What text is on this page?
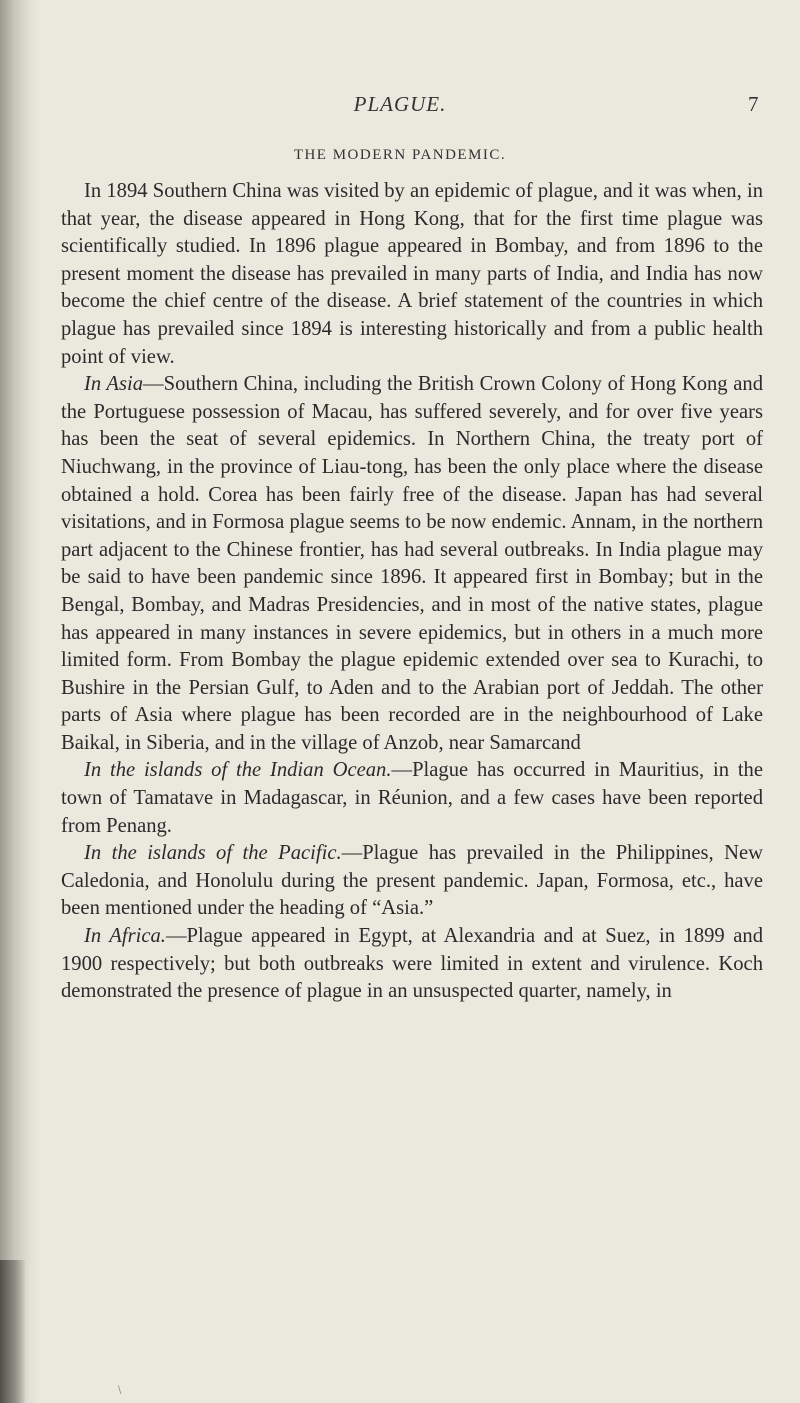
PLAGUE.	7
THE MODERN PANDEMIC.

In 1894 Southern China was visited by an epidemic of plague, and it was when, in that year, the disease appeared in Hong Kong, that for the first time plague was scientifically studied. In 1896 plague appeared in Bombay, and from 1896 to the present moment the disease has prevailed in many parts of India, and India has now become the chief centre of the disease. A brief statement of the countries in which plague has prevailed since 1894 is interesting historically and from a public health point of view.

In Asia—Southern China, including the British Crown Colony of Hong Kong and the Portuguese possession of Macau, has suffered severely, and for over five years has been the seat of several epidemics. In Northern China, the treaty port of Niuchwang, in the province of Liau-tong, has been the only place where the disease obtained a hold. Corea has been fairly free of the disease. Japan has had several visitations, and in Formosa plague seems to be now endemic. Annam, in the northern part adjacent to the Chinese frontier, has had several outbreaks. In India plague may be said to have been pandemic since 1896. It appeared first in Bombay; but in the Bengal, Bombay, and Madras Presidencies, and in most of the native states, plague has appeared in many instances in severe epidemics, but in others in a much more limited form. From Bombay the plague epidemic extended over sea to Kurachi, to Bushire in the Persian Gulf, to Aden and to the Arabian port of Jeddah. The other parts of Asia where plague has been recorded are in the neighbourhood of Lake Baikal, in Siberia, and in the village of Anzob, near Samarcand

In the islands of the Indian Ocean.—Plague has occurred in Mauritius, in the town of Tamatave in Madagascar, in Réunion, and a few cases have been reported from Penang.

In the islands of the Pacific.—Plague has prevailed in the Philippines, New Caledonia, and Honolulu during the present pandemic. Japan, Formosa, etc., have been mentioned under the heading of “Asia.”

In Africa.—Plague appeared in Egypt, at Alexandria and at Suez, in 1899 and 1900 respectively; but both outbreaks were limited in extent and virulence. Koch demonstrated the presence of plague in an unsuspected quarter, namely, in

\
